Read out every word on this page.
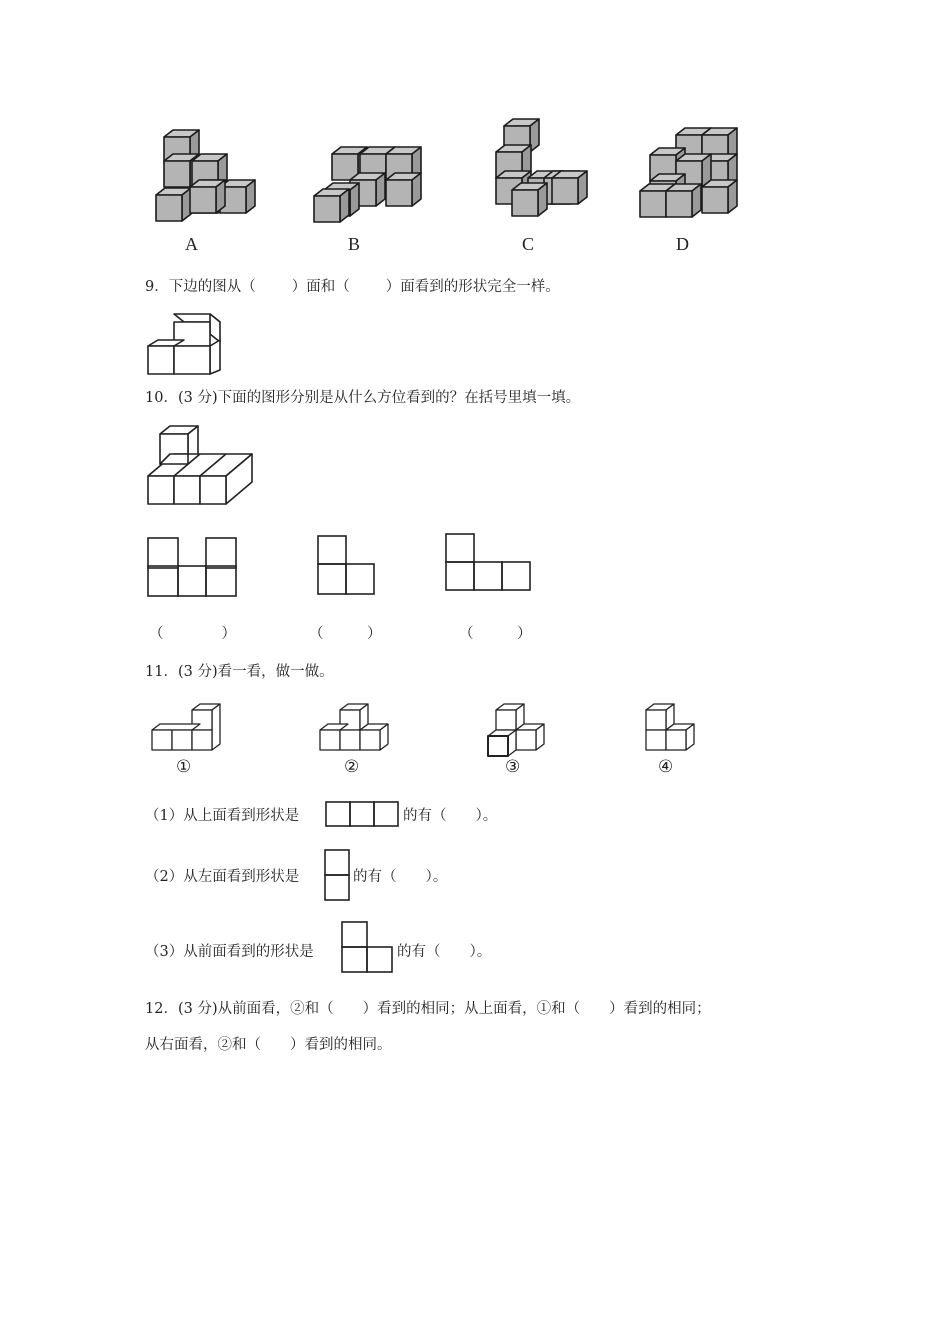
A	B	C	D
9．下边的图从（ ）面和（ ）面看到的形状完全一样。
10．(3 分)下面的图形分别是从什么方位看到的？在括号里填一填。
（　　　　）	（　　　）	（　　　）
11．(3 分)看一看，做一做。
①	②	③	④
（1）从上面看到形状是	的有（　　）。
（2）从左面看到形状是	的有（　　）。
（3）从前面看到的形状是	的有（　　）。
12．(3 分)从前面看，②和（　　）看到的相同；从上面看，①和（　　）看到的相同；
从右面看，②和（　　）看到的相同。
